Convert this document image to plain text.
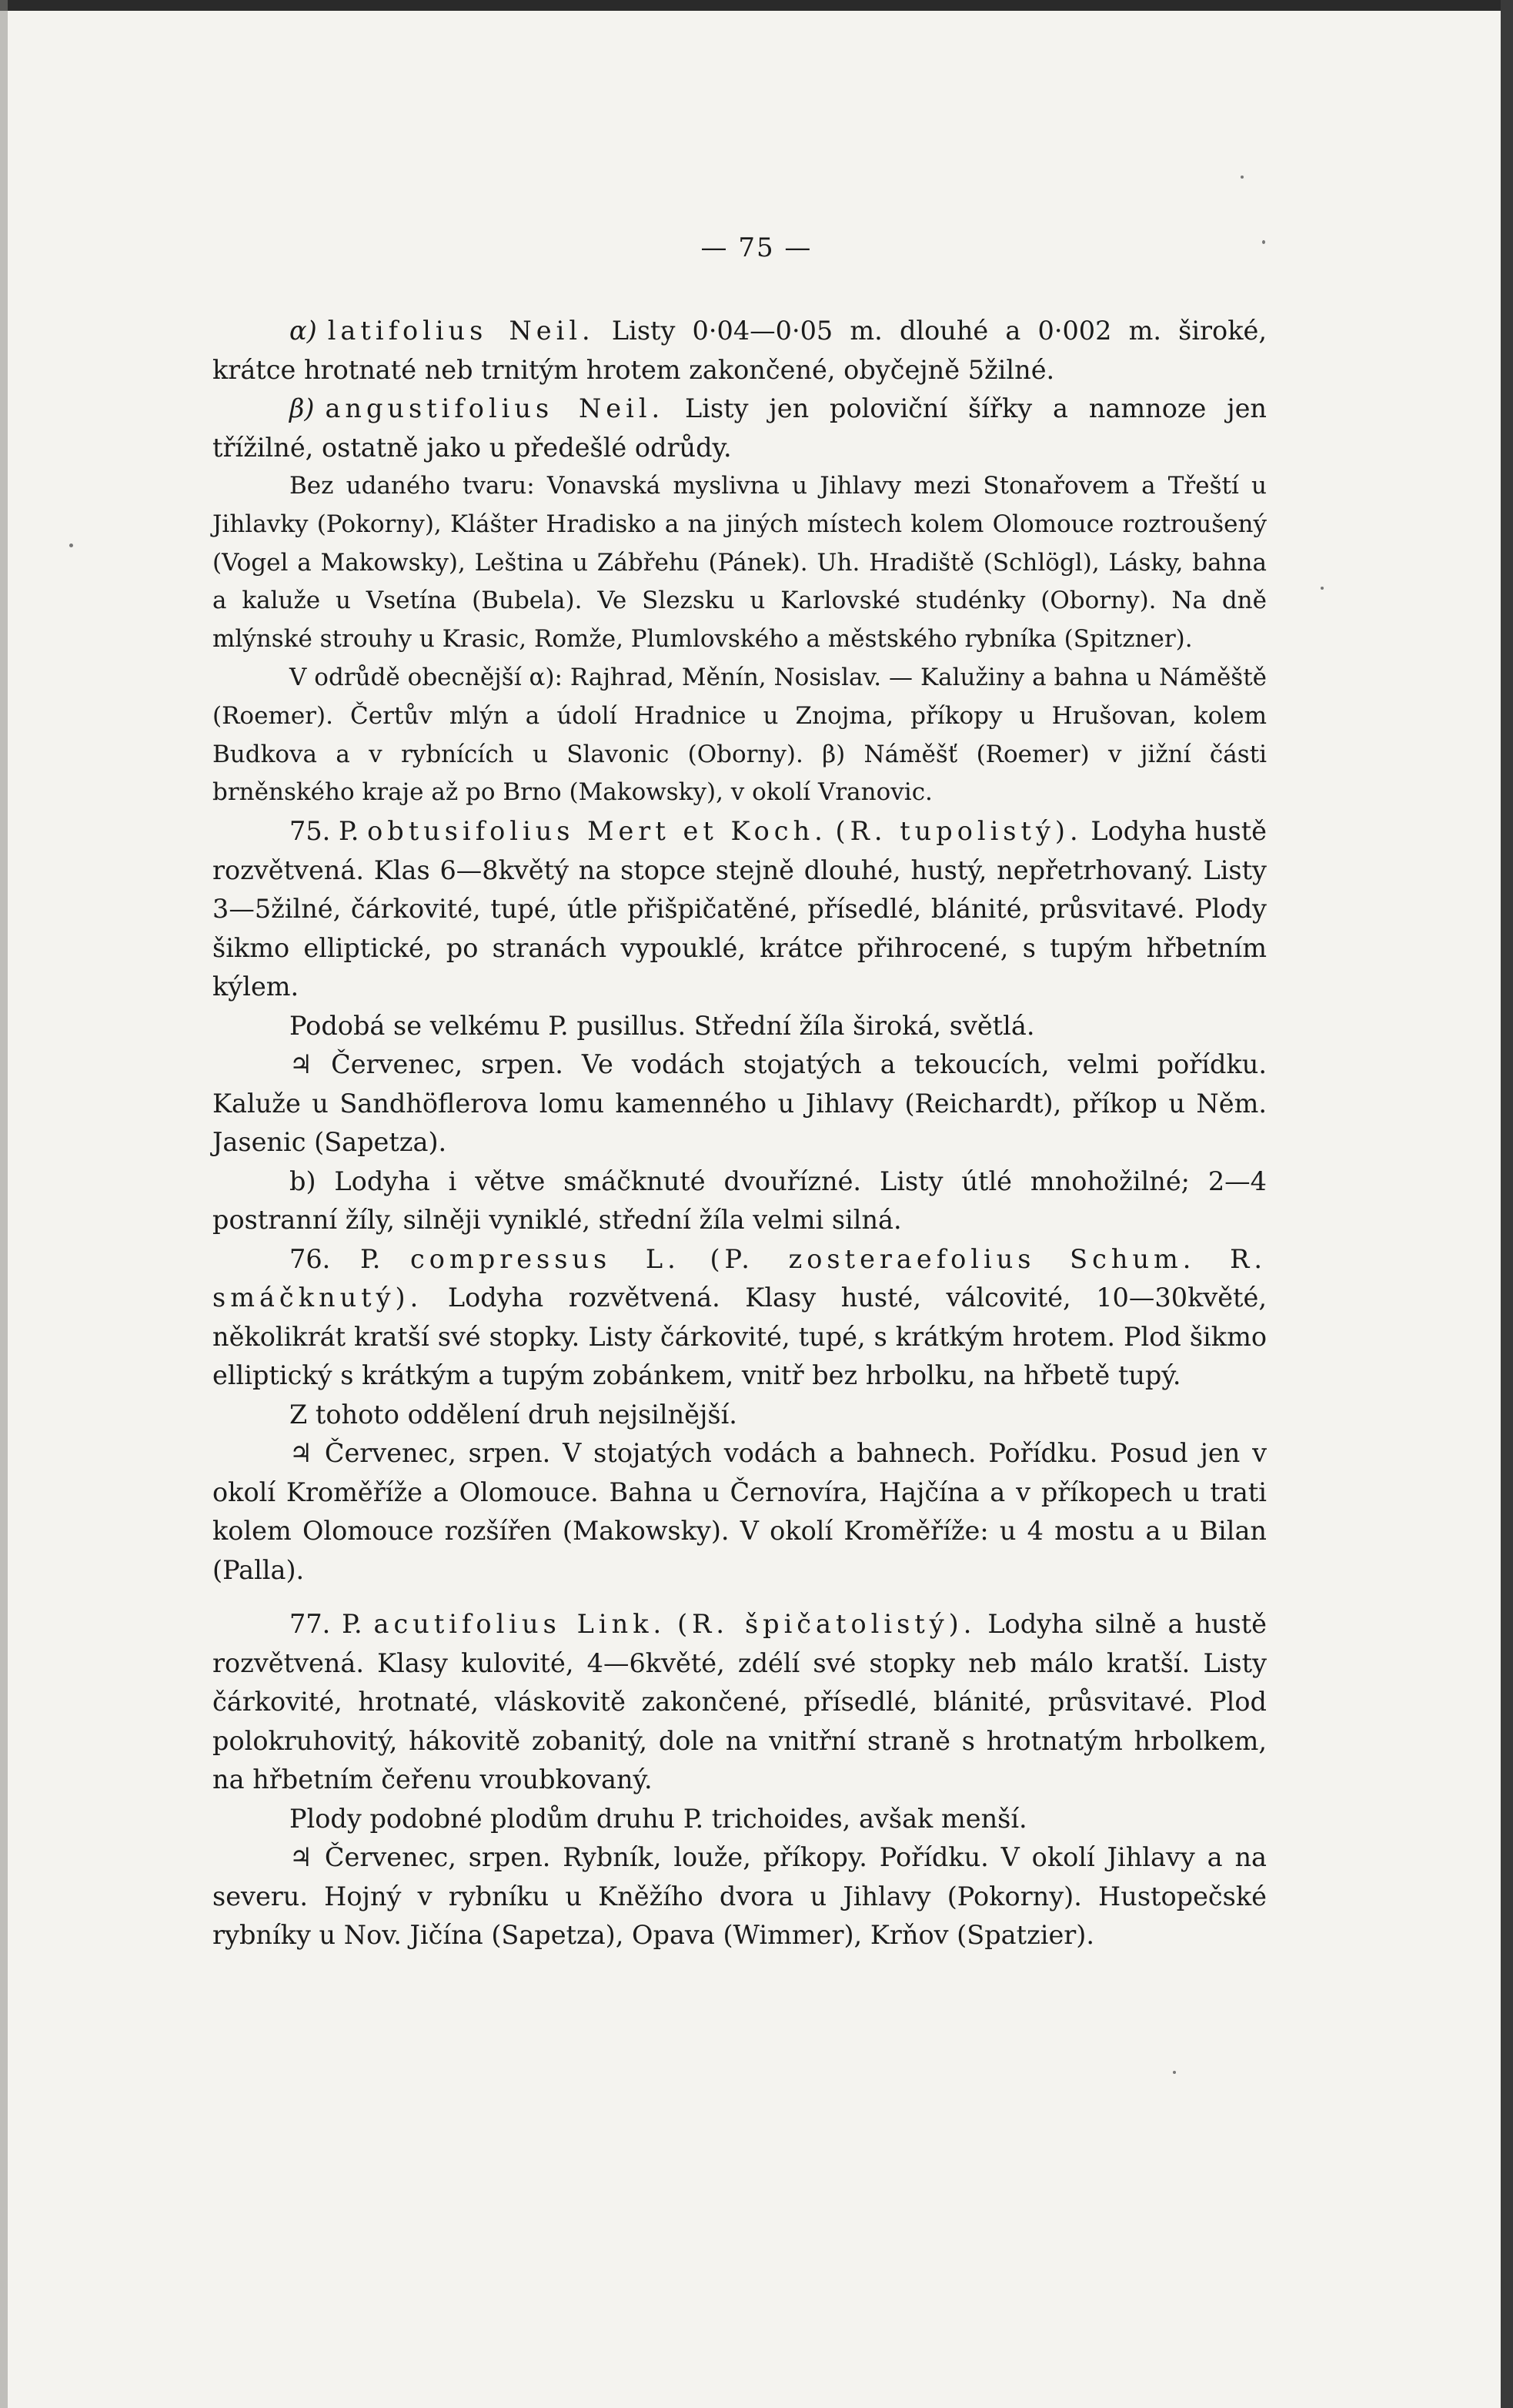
— 75 —

α) latifolius Neil. Listy 0·04—0·05 m. dlouhé a 0·002 m. široké, krátce hrotnaté neb trnitým hrotem zakončené, obyčejně 5žilné.

β) angustifolius Neil. Listy jen poloviční šířky a namnoze jen třížilné, ostatně jako u předešlé odrůdy.

Bez udaného tvaru: Vonavská myslivna u Jihlavy mezi Stonařovem a Třeští u Jihlavky (Pokorny), Klášter Hradisko a na jiných místech kolem Olomouce roztroušený (Vogel a Makowsky), Leština u Zábřehu (Pánek). Uh. Hradiště (Schlögl), Lásky, bahna a kaluže u Vsetína (Bubela). Ve Slezsku u Karlovské studénky (Oborny). Na dně mlýnské strouhy u Krasic, Romže, Plumlovského a městského rybníka (Spitzner).

V odrůdě obecnější α): Rajhrad, Měnín, Nosislav. — Kalužiny a bahna u Náměště (Roemer). Čertův mlýn a údolí Hradnice u Znojma, příkopy u Hrušovan, kolem Budkova a v rybnících u Slavonic (Oborny). β) Náměšť (Roemer) v jižní části brněnského kraje až po Brno (Makowsky), v okolí Vranovic.

75. P. obtusifolius Mert et Koch. (R. tupolistý). Lodyha hustě rozvětvená. Klas 6—8květý na stopce stejně dlouhé, hustý, nepřetrhovaný. Listy 3—5žilné, čárkovité, tupé, útle přišpičatěné, přísedlé, blánité, průsvitavé. Plody šikmo elliptické, po stranách vypouklé, krátce přihrocené, s tupým hřbetním kýlem.

Podobá se velkému P. pusillus. Střední žíla široká, světlá.

♃ Červenec, srpen. Ve vodách stojatých a tekoucích, velmi pořídku. Kaluže u Sandhöflerova lomu kamenného u Jihlavy (Reichardt), příkop u Něm. Jasenic (Sapetza).

b) Lodyha i větve smáčknuté dvouřízné. Listy útlé mnohožilné; 2—4 postranní žíly, silněji vyniklé, střední žíla velmi silná.

76. P. compressus L. (P. zosteraefolius Schum. R. smáčknutý). Lodyha rozvětvená. Klasy husté, válcovité, 10—30květé, několikrát kratší své stopky. Listy čárkovité, tupé, s krátkým hrotem. Plod šikmo elliptický s krátkým a tupým zobánkem, vnitř bez hrbolku, na hřbetě tupý.

Z tohoto oddělení druh nejsilnější.

♃ Červenec, srpen. V stojatých vodách a bahnech. Pořídku. Posud jen v okolí Kroměříže a Olomouce. Bahna u Černovíra, Hajčína a v příkopech u trati kolem Olomouce rozšířen (Makowsky). V okolí Kroměříže: u 4 mostu a u Bilan (Palla).

77. P. acutifolius Link. (R. špičatolistý). Lodyha silně a hustě rozvětvená. Klasy kulovité, 4—6květé, zdélí své stopky neb málo kratší. Listy čárkovité, hrotnaté, vláskovitě zakončené, přísedlé, blánité, průsvitavé. Plod polokruhovitý, hákovitě zobanitý, dole na vnitřní straně s hrotnatým hrbolkem, na hřbetním čeřenu vroubkovaný.

Plody podobné plodům druhu P. trichoides, avšak menší.

♃ Červenec, srpen. Rybník, louže, příkopy. Pořídku. V okolí Jihlavy a na severu. Hojný v rybníku u Kněžího dvora u Jihlavy (Pokorny). Hustopečské rybníky u Nov. Jičína (Sapetza), Opava (Wimmer), Krňov (Spatzier).
